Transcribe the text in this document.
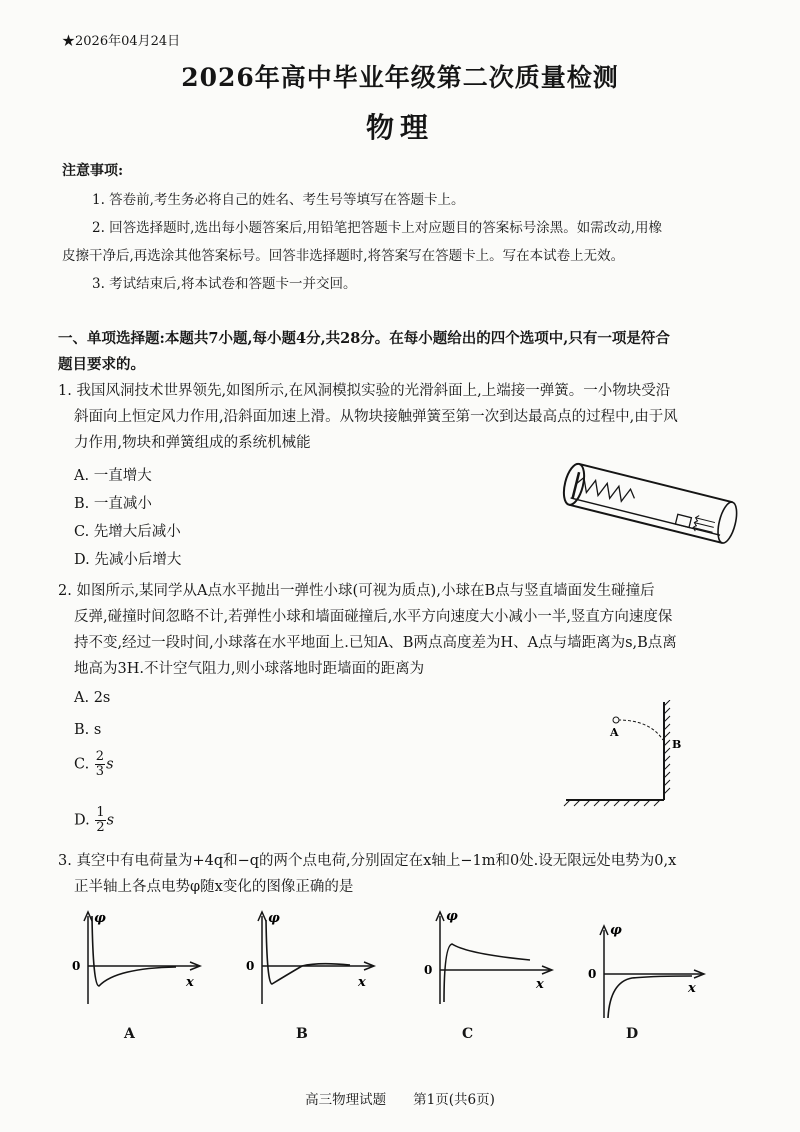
★2026年04月24日
2026年高中毕业年级第二次质量检测
物理
注意事项:
1. 答卷前,考生务必将自己的姓名、考生号等填写在答题卡上。
2. 回答选择题时,选出每小题答案后,用铅笔把答题卡上对应题目的答案标号涂黑。如需改动,用橡
皮擦干净后,再选涂其他答案标号。回答非选择题时,将答案写在答题卡上。写在本试卷上无效。
3. 考试结束后,将本试卷和答题卡一并交回。
一、单项选择题:本题共7小题,每小题4分,共28分。在每小题给出的四个选项中,只有一项是符合
题目要求的。
1. 我国风洞技术世界领先,如图所示,在风洞模拟实验的光滑斜面上,上端接一弹簧。一小物块受沿
斜面向上恒定风力作用,沿斜面加速上滑。从物块接触弹簧至第一次到达最高点的过程中,由于风
力作用,物块和弹簧组成的系统机械能
A. 一直增大
B. 一直减小
C. 先增大后减小
D. 先减小后增大
2. 如图所示,某同学从A点水平抛出一弹性小球(可视为质点),小球在B点与竖直墙面发生碰撞后
反弹,碰撞时间忽略不计,若弹性小球和墙面碰撞后,水平方向速度大小减小一半,竖直方向速度保
持不变,经过一段时间,小球落在水平地面上.已知A、B两点高度差为H、A点与墙距离为s,B点离
地高为3H.不计空气阻力,则小球落地时距墙面的距离为
A. 2s
B. s
C. $\frac{2}{3}$ s
D. $\frac{1}{2}$ s
A
B
3. 真空中有电荷量为+4q和−q的两个点电荷,分别固定在x轴上−1m和0处.设无限远处电势为0,x
正半轴上各点电势φ随x变化的图像正确的是
φ
0
x
A
φ
0
x
B
φ
0
x
C
φ
0
x
D
高三物理试题　　第1页(共6页)
